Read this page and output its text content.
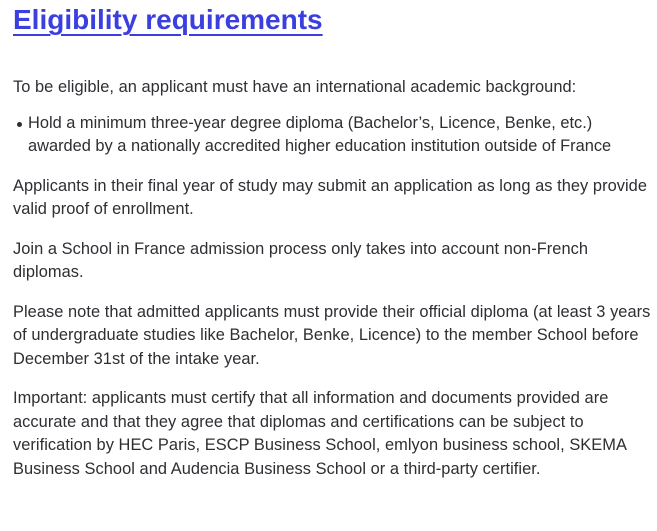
Eligibility requirements

To be eligible, an applicant must have an international academic background:

Hold a minimum three-year degree diploma (Bachelor’s, Licence, Benke, etc.) awarded by a nationally accredited higher education institution outside of France

Applicants in their final year of study may submit an application as long as they provide valid proof of enrollment.

Join a School in France admission process only takes into account non-French diplomas.

Please note that admitted applicants must provide their official diploma (at least 3 years of undergraduate studies like Bachelor, Benke, Licence) to the member School before December 31st of the intake year.

Important: applicants must certify that all information and documents provided are accurate and that they agree that diplomas and certifications can be subject to verification by HEC Paris, ESCP Business School, emlyon business school, SKEMA Business School and Audencia Business School or a third-party certifier.
